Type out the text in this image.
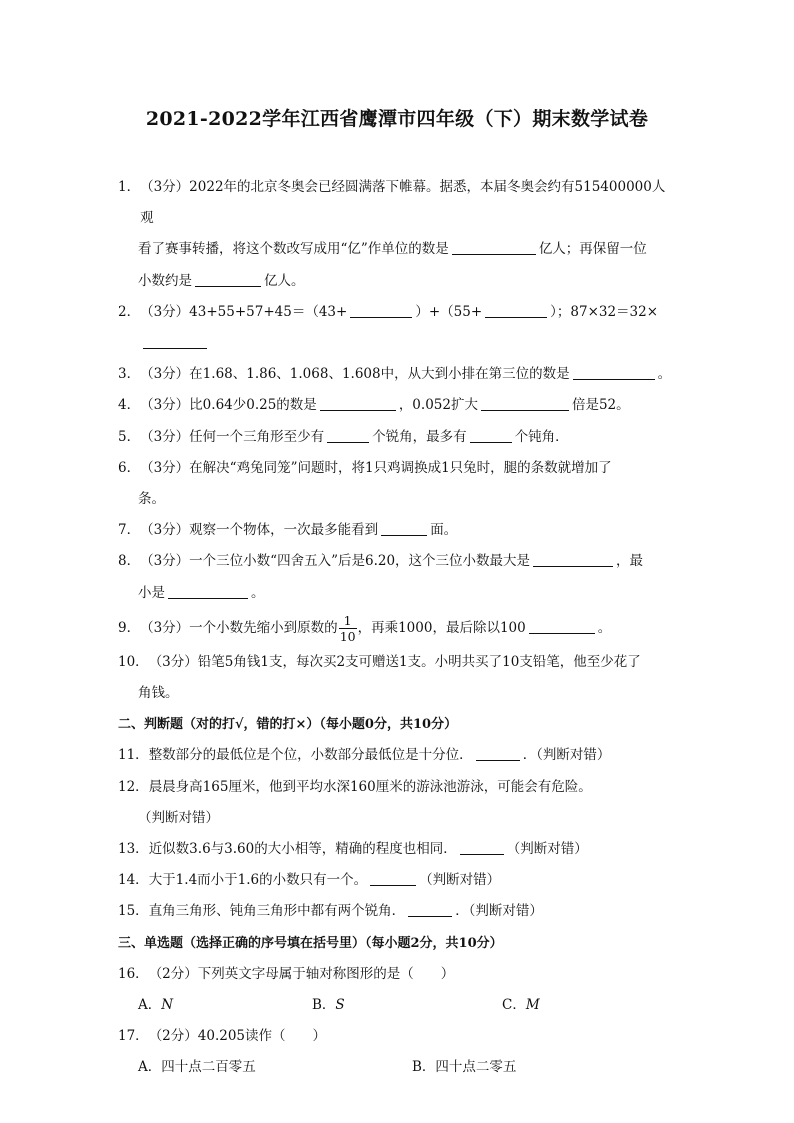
2021-2022学年江西省鹰潭市四年级（下）期末数学试卷
1． （3分）2022年的北京冬奥会已经圆满落下帷幕。据悉，本届冬奥会约有515400000人观
看了赛事转播，将这个数改写成用“亿”作单位的数是	亿人；再保留一位
小数约是	亿人。
2． （3分）43+55+57+45＝（43+	）+（55+	）；87×32＝32×
3． （3分）在1.68、1.86、1.068、1.608中，从大到小排在第三位的数是	。
4． （3分）比0.64少0.25的数是	，0.052扩大	倍是52。
5． （3分）任何一个三角形至少有	个锐角，最多有	个钝角．
6． （3分）在解决“鸡兔同笼”问题时，将1只鸡调换成1只兔时，腿的条数就增加了
条。
7． （3分）观察一个物体，一次最多能看到	面。
8． （3分）一个三位小数“四舍五入”后是6.20，这个三位小数最大是	，最
小是	。
9． （3分）一个小数先缩小到原数的 $\frac{1}{10}$ ，再乘1000，最后除以100	。
10． （3分）铅笔5角钱1支，每次买2支可赠送1支。小明共买了10支铅笔，他至少花了
角钱。
二、判断题（对的打√，错的打×）（每小题0分，共10分）
11． 整数部分的最低位是个位，小数部分最低位是十分位．	．（判断对错）
12． 晨晨身高165厘米，他到平均水深160厘米的游泳池游泳，可能会有危险。
（判断对错）
13． 近似数3.6与3.60的大小相等，精确的程度也相同．	（判断对错）
14． 大于1.4而小于1.6的小数只有一个。	（判断对错）
15． 直角三角形、钝角三角形中都有两个锐角．	．（判断对错）
三、单选题（选择正确的序号填在括号里）（每小题2分，共10分）
16． （2分）下列英文字母属于轴对称图形的是（　　）
A．N	B．S	C．M
17． （2分）40.205读作（　　）
A．四十点二百零五	B．四十点二零五
